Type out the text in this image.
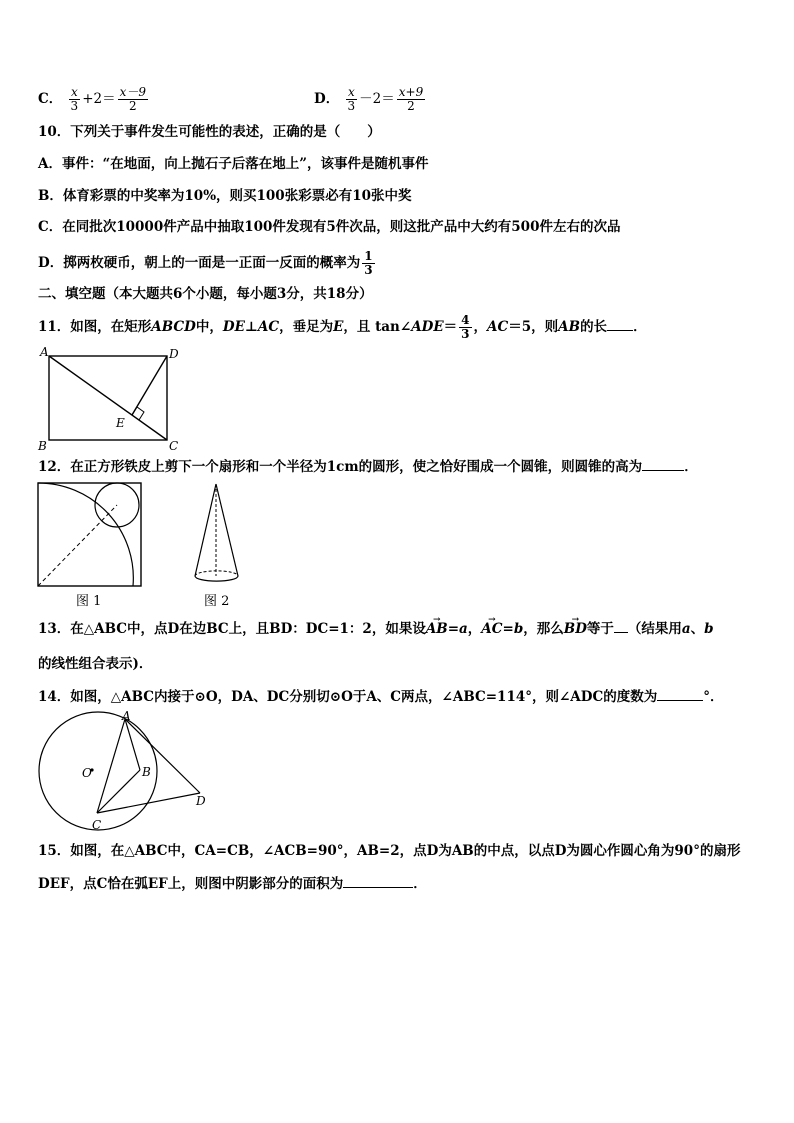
C． $\frac{x}{3} +2= \frac{x-9}{2}$	D． $\frac{x}{3} -2= \frac{x+9}{2}$
10．下列关于事件发生可能性的表述，正确的是（　　）
A．事件：“在地面，向上抛石子后落在地上”，该事件是随机事件
B．体育彩票的中奖率为10%，则买100张彩票必有10张中奖
C．在同批次10000件产品中抽取100件发现有5件次品，则这批产品中大约有500件左右的次品
D．掷两枚硬币，朝上的一面是一正面一反面的概率为 $\frac{1}{3}$
二、填空题（本大题共6个小题，每小题3分，共18分）
11．如图，在矩形ABCD中，DE⊥AC，垂足为E，且 tan∠ADE＝ $\frac{4}{3}$ ，AC＝5，则AB的长 ．
A	D
B	C
E
12．在正方形铁皮上剪下一个扇形和一个半径为1cm的圆形，使之恰好围成一个圆锥，则圆锥的高为	．
图 1	图 2
13．在△ABC中，点D在边BC上，且BD：DC=1：2，如果设→ AB=a，→ AC=b，那么→ BD等于 （结果用a、b
的线性组合表示)．
14．如图，△ABC内接于⊙O，DA、DC分别切⊙O于A、C两点，∠ABC=114°，则∠ADC的度数为	°．
A
B
C
D
O
15．如图，在△ABC中，CA=CB，∠ACB=90°，AB=2，点D为AB的中点，以点D为圆心作圆心角为90°的扇形
DEF，点C恰在弧EF上，则图中阴影部分的面积为	．
